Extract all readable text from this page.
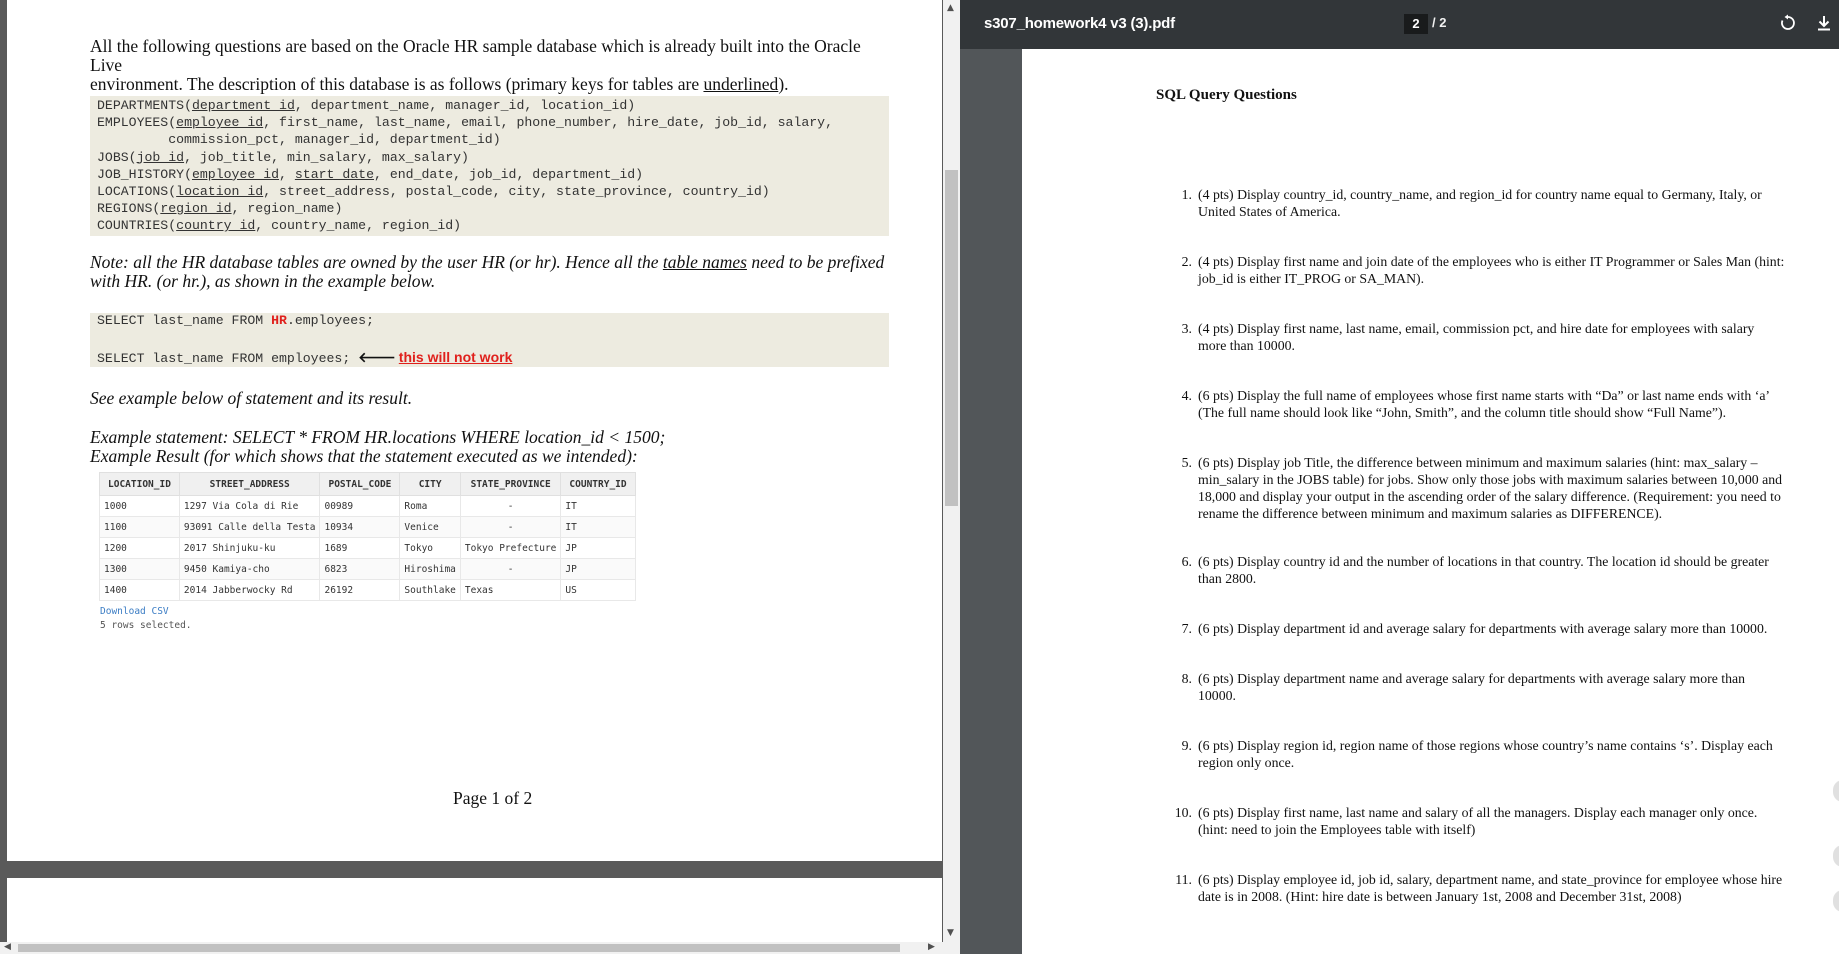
All the following questions are based on the Oracle HR sample database which is already built into the Oracle Live
environment. The description of this database is as follows (primary keys for tables are underlined).
DEPARTMENTS(department_id, department_name, manager_id, location_id)
EMPLOYEES(employee_id, first_name, last_name, email, phone_number, hire_date, job_id, salary,
commission_pct, manager_id, department_id)
JOBS(job_id, job_title, min_salary, max_salary)
JOB_HISTORY(employee_id, start_date, end_date, job_id, department_id)
LOCATIONS(location_id, street_address, postal_code, city, state_province, country_id)
REGIONS(region_id, region_name)
COUNTRIES(country_id, country_name, region_id)
Note: all the HR database tables are owned by the user HR (or hr). Hence all the table names need to be prefixed
with HR. (or hr.), as shown in the example below.
SELECT last_name FROM HR.employees;
SELECT last_name FROM employees; 🡐 this will not work
See example below of statement and its result.
Example statement: SELECT * FROM HR.locations WHERE location_id < 1500;
Example Result (for which shows that the statement executed as we intended):
LOCATION_ID	STREET_ADDRESS	POSTAL_CODE	CITY	STATE_PROVINCE	COUNTRY_ID
1000	1297 Via Cola di Rie	00989	Roma	-	IT
1100	93091 Calle della Testa	10934	Venice	-	IT
1200	2017 Shinjuku-ku	1689	Tokyo	Tokyo Prefecture	JP
1300	9450 Kamiya-cho	6823	Hiroshima	-	JP
1400	2014 Jabberwocky Rd	26192	Southlake	Texas	US
Download CSV
5 rows selected.
Page 1 of 2
▲
▼
◀	▶
s307_homework4 v3 (3).pdf	2 / 2
SQL Query Questions
1. (4 pts) Display country_id, country_name, and region_id for country name equal to Germany, Italy, or
United States of America.
2. (4 pts) Display first name and join date of the employees who is either IT Programmer or Sales Man (hint:
job_id is either IT_PROG or SA_MAN).
3. (4 pts) Display first name, last name, email, commission pct, and hire date for employees with salary
more than 10000.
4. (6 pts) Display the full name of employees whose first name starts with “Da” or last name ends with ‘a’
(The full name should look like “John, Smith”, and the column title should show “Full Name”).
5. (6 pts) Display job Title, the difference between minimum and maximum salaries (hint: max_salary –
min_salary in the JOBS table) for jobs. Show only those jobs with maximum salaries between 10,000 and
18,000 and display your output in the ascending order of the salary difference. (Requirement: you need to
rename the difference between minimum and maximum salaries as DIFFERENCE).
6. (6 pts) Display country id and the number of locations in that country. The location id should be greater
than 2800.
7. (6 pts) Display department id and average salary for departments with average salary more than 10000.
8. (6 pts) Display department name and average salary for departments with average salary more than
10000.
9. (6 pts) Display region id, region name of those regions whose country’s name contains ‘s’. Display each
region only once.
10. (6 pts) Display first name, last name and salary of all the managers. Display each manager only once.
(hint: need to join the Employees table with itself)
11. (6 pts) Display employee id, job id, salary, department name, and state_province for employee whose hire
date is in 2008. (Hint: hire date is between January 1st, 2008 and December 31st, 2008)
